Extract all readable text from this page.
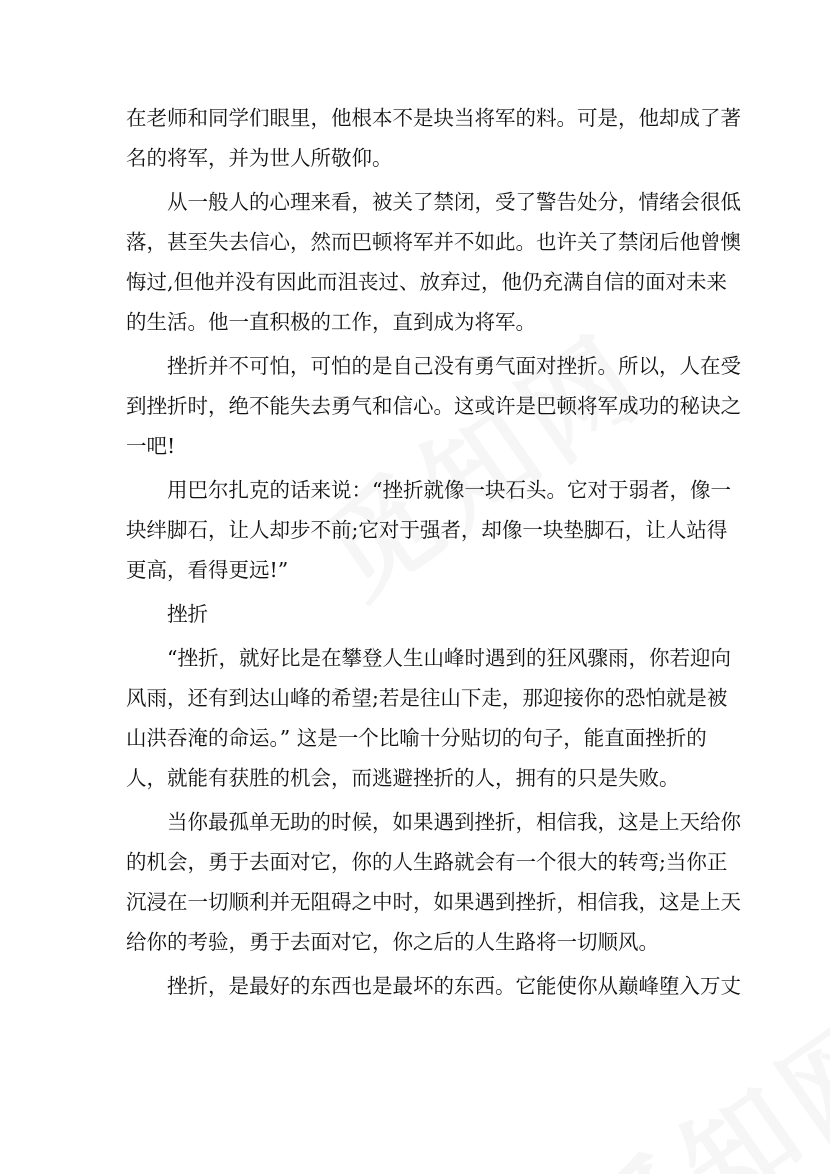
在老师和同学们眼里，他根本不是块当将军的料。可是，他却成了著
名的将军，并为世人所敬仰。

从一般人的心理来看，被关了禁闭，受了警告处分，情绪会很低
落，甚至失去信心，然而巴顿将军并不如此。也许关了禁闭后他曾懊
悔过,但他并没有因此而沮丧过、放弃过，他仍充满自信的面对未来
的生活。他一直积极的工作，直到成为将军。

挫折并不可怕，可怕的是自己没有勇气面对挫折。所以，人在受
到挫折时，绝不能失去勇气和信心。这或许是巴顿将军成功的秘诀之
一吧!

用巴尔扎克的话来说：“挫折就像一块石头。它对于弱者，像一
块绊脚石，让人却步不前;它对于强者，却像一块垫脚石，让人站得
更高，看得更远!”

挫折

“挫折，就好比是在攀登人生山峰时遇到的狂风骤雨，你若迎向
风雨，还有到达山峰的希望;若是往山下走，那迎接你的恐怕就是被
山洪吞淹的命运。” 这是一个比喻十分贴切的句子，能直面挫折的
人，就能有获胜的机会，而逃避挫折的人，拥有的只是失败。

当你最孤单无助的时候，如果遇到挫折，相信我，这是上天给你
的机会，勇于去面对它，你的人生路就会有一个很大的转弯;当你正
沉浸在一切顺利并无阻碍之中时，如果遇到挫折，相信我，这是上天
给你的考验，勇于去面对它，你之后的人生路将一切顺风。

挫折，是最好的东西也是最坏的东西。它能使你从巅峰堕入万丈
